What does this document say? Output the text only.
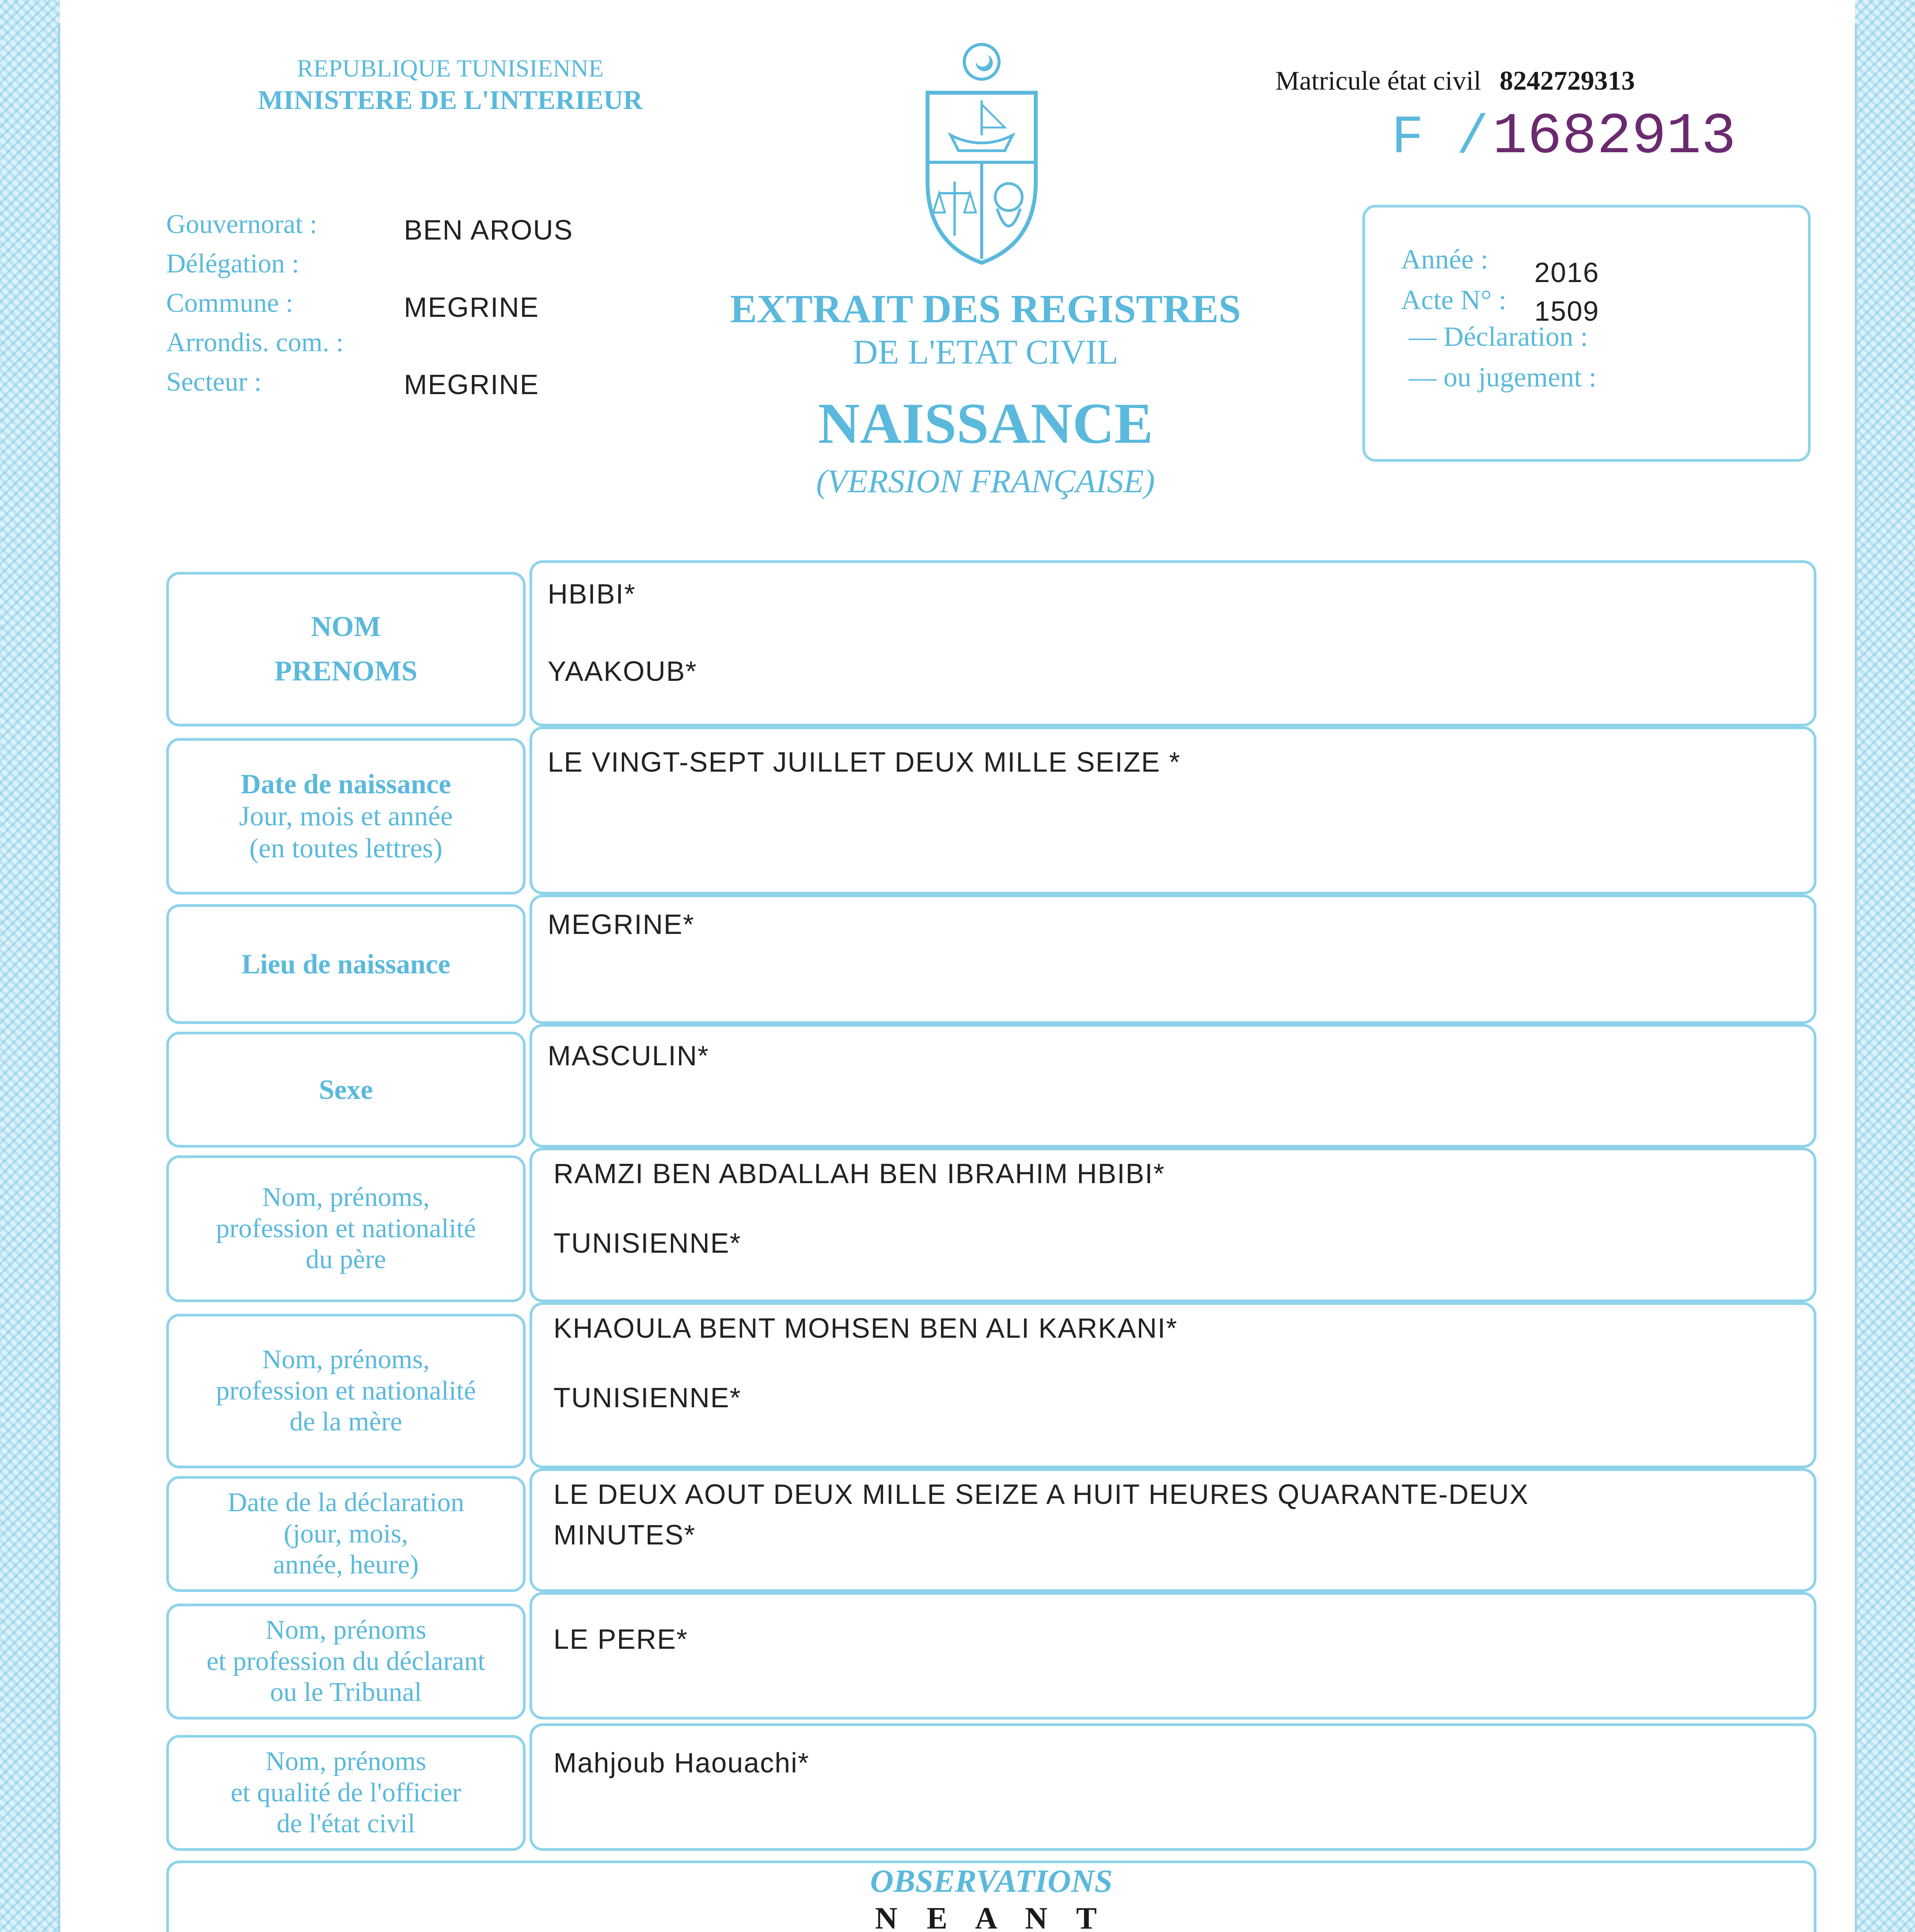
REPUBLIQUE TUNISIENNE
MINISTERE DE L'INTERIEUR
Matricule état civil 8242729313
F / 1682913
Gouvernorat :
Délégation :
Commune :
Arrondis. com. :
Secteur :
BEN AROUS
MEGRINE
MEGRINE
EXTRAIT DES REGISTRES
DE L'ETAT CIVIL
NAISSANCE
(VERSION FRANÇAISE)
Année : 2016
Acte N° : 1509
— Déclaration :
— ou jugement :
NOM
PRENOMS
HBIBI*
YAAKOUB*
Date de naissance
Jour, mois et année
(en toutes lettres)
LE VINGT-SEPT JUILLET DEUX MILLE SEIZE *
Lieu de naissance
MEGRINE*
Sexe
MASCULIN*
Nom, prénoms,
profession et nationalité
du père
RAMZI BEN ABDALLAH BEN IBRAHIM HBIBI*
TUNISIENNE*
Nom, prénoms,
profession et nationalité
de la mère
KHAOULA BENT MOHSEN BEN ALI KARKANI*
TUNISIENNE*
Date de la déclaration
(jour, mois,
année, heure)
LE DEUX AOUT DEUX MILLE SEIZE A HUIT HEURES QUARANTE-DEUX
MINUTES*
Nom, prénoms
et profession du déclarant
ou le Tribunal
LE PERE*
Nom, prénoms
et qualité de l'officier
de l'état civil
Mahjoub Haouachi*
OBSERVATIONS
N E A N T
